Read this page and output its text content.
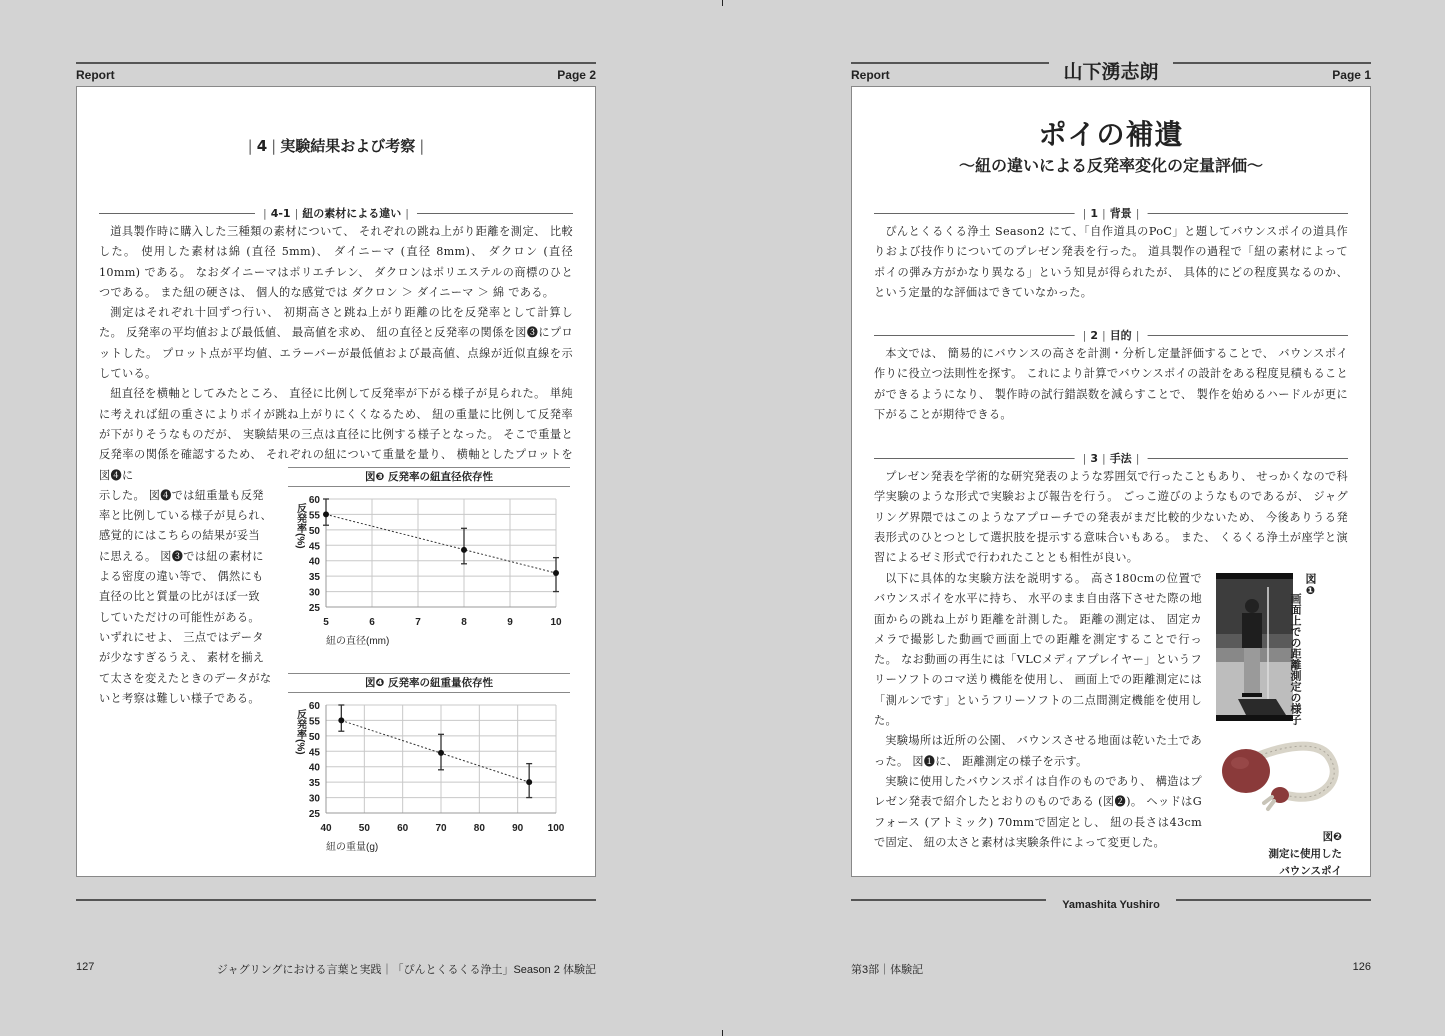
Report	Page 2
| 4 | 実験結果および考察 |
| 4-1 | 紐の素材による違い |

道具製作時に購入した三種類の素材について、 それぞれの跳ね上がり距離を測定、 比較した。 使用した素材は綿 (直径 5mm)、 ダイニーマ (直径 8mm)、 ダクロン (直径 10mm) である。 なおダイニーマはポリエチレン、 ダクロンはポリエステルの商標のひとつである。 また紐の硬さは、 個人的な感覚では ダクロン ＞ ダイニーマ ＞ 綿 である。

測定はそれぞれ十回ずつ行い、 初期高さと跳ね上がり距離の比を反発率として計算した。 反発率の平均値および最低値、 最高値を求め、 紐の直径と反発率の関係を図❸にプロットした。 プロット点が平均値、エラーバーが最低値および最高値、点線が近似直線を示している。

紐直径を横軸としてみたところ、 直径に比例して反発率が下がる様子が見られた。 単純に考えれば紐の重さによりポイが跳ね上がりにくくなるため、 紐の重量に比例して反発率が下がりそうなものだが、 実験結果の三点は直径に比例する様子となった。 そこで重量と反発率の関係を確認するため、 それぞれの紐について重量を量り、 横軸としたプロットを図❹に

示した。 図❹では紐重量も反発
率と比例している様子が見られ、
感覚的にはこちらの結果が妥当
に思える。 図❸では紐の素材に
よる密度の違い等で、 偶然にも
直径の比と質量の比がほぼ一致
していただけの可能性がある。
いずれにせよ、 三点ではデータ
が少なすぎるうえ、 素材を揃え
て太さを変えたときのデータがな
いと考察は難しい様子である。
図❸ 反発率の紐直径依存性
60
55
50
45
40
35
30
25
5	6	7	8	9	10
反発率(%)
紐の直径(mm)
図❹ 反発率の紐重量依存性
60
55
50
45
40
35
30
25
40	50	60	70	80	90 100
反発率(%)
紐の重量(g)
127	ジャグリングにおける言葉と実践｜「ぴんとくるくる浄土」Season 2 体験記
山下湧志朗
Report	Page 1
ポイの補遺
〜紐の違いによる反発率変化の定量評価〜
| 1 | 背景 |

ぴんとくるくる浄土 Season2 にて、「自作道具のPoC」と題してバウンスポイの道具作りおよび技作りについてのプレゼン発表を行った。 道具製作の過程で「紐の素材によってポイの弾み方がかなり異なる」という知見が得られたが、 具体的にどの程度異なるのか、 という定量的な評価はできていなかった。

| 2 | 目的 |

本文では、 簡易的にバウンスの高さを計測・分析し定量評価することで、 バウンスポイ作りに役立つ法則性を探す。 これにより計算でバウンスポイの設計をある程度見積もることができるようになり、 製作時の試行錯誤数を減らすことで、 製作を始めるハードルが更に下がることが期待できる。

| 3 | 手法 |

プレゼン発表を学術的な研究発表のような雰囲気で行ったこともあり、 せっかくなので科学実験のような形式で実験および報告を行う。 ごっこ遊びのようなものであるが、 ジャグリング界隈ではこのようなアプローチでの発表がまだ比較的少ないため、 今後ありうる発表形式のひとつとして選択肢を提示する意味合いもある。 また、 くるくる浄土が座学と演習によるゼミ形式で行われたこととも相性が良い。

以下に具体的な実験方法を説明する。 高さ180cmの位置でバウンスポイを水平に持ち、 水平のまま自由落下させた際の地面からの跳ね上がり距離を計測した。 距離の測定は、 固定カメラで撮影した動画で画面上での距離を測定することで行った。 なお動画の再生には「VLCメディアプレイヤー」というフリーソフトのコマ送り機能を使用し、 画面上での距離測定には「測ルンです」というフリーソフトの二点間測定機能を使用した。

実験場所は近所の公園、 バウンスさせる地面は乾いた土であった。 図❶に、 距離測定の様子を示す。

実験に使用したバウンスポイは自作のものであり、 構造はプレゼン発表で紹介したとおりのものである (図❷)。 ヘッドはGフォース (アトミック) 70mmで固定とし、 紐の長さは43cmで固定、 紐の太さと素材は実験条件によって変更した。

図❶
画面上での距離測定の様子
図❷
測定に使用した
バウンスポイ
Yamashita Yushiro
第3部｜体験記	126
